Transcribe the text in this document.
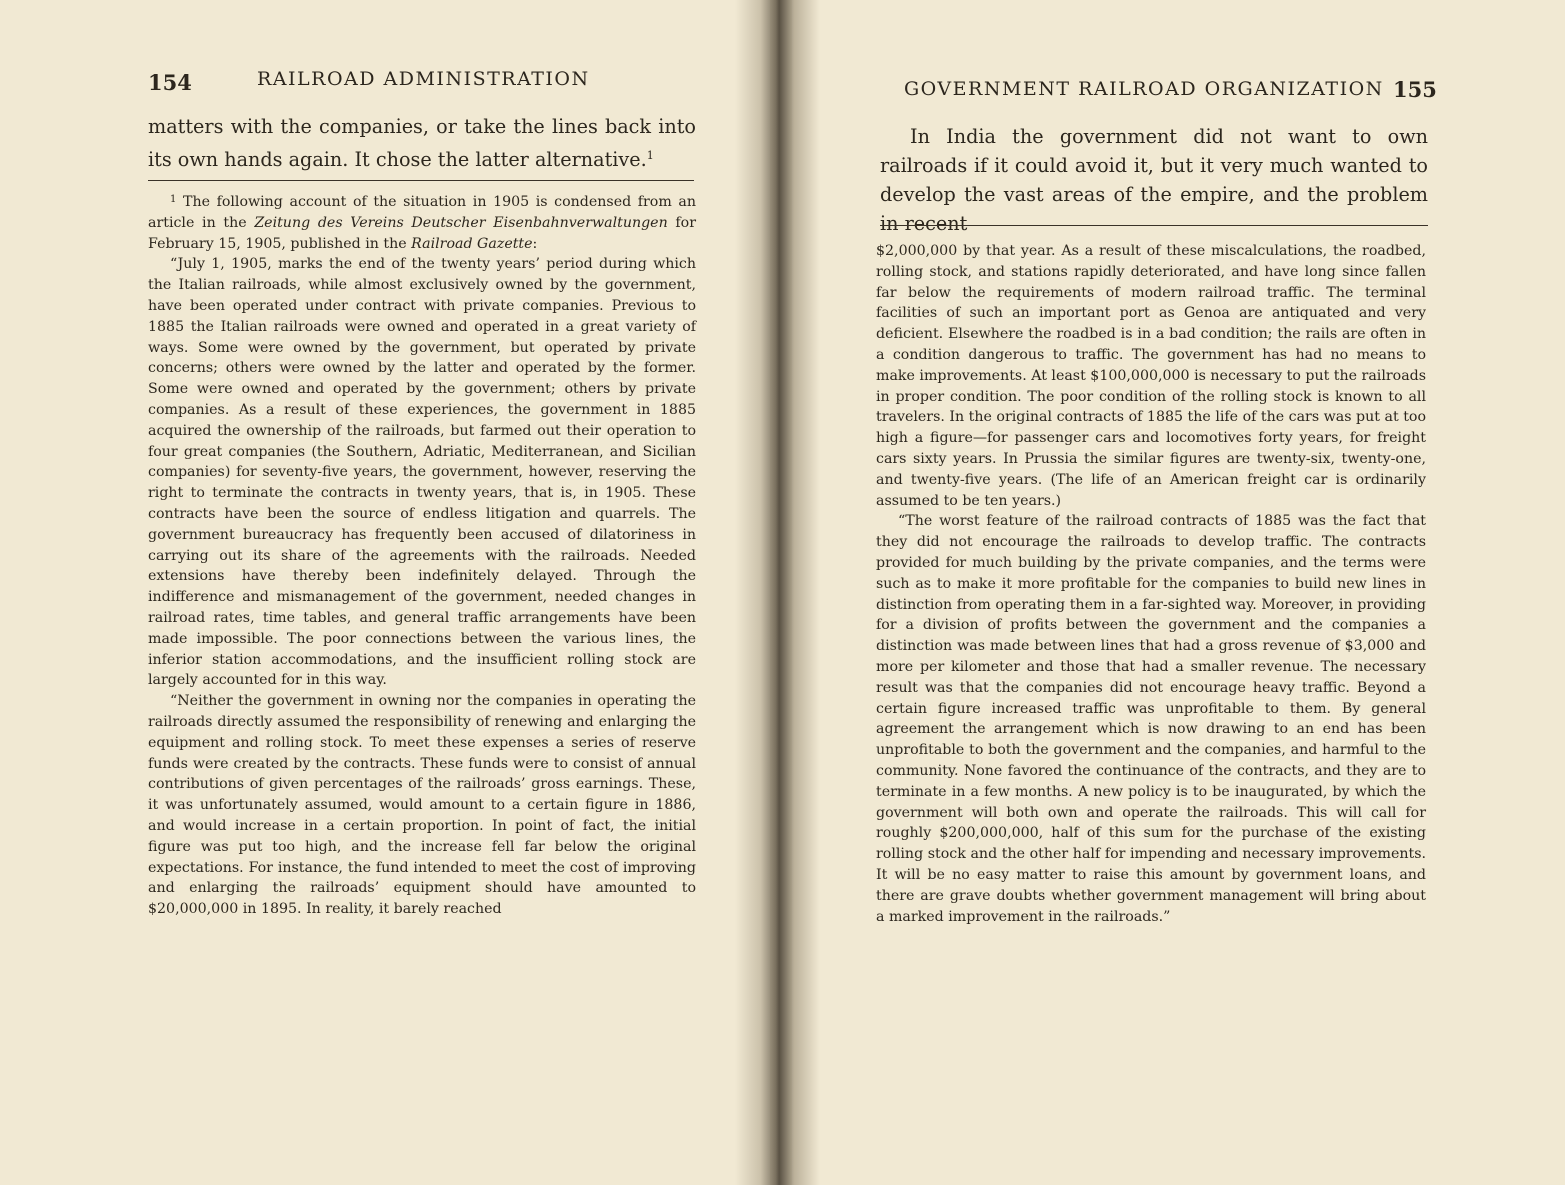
154	RAILROAD ADMINISTRATION

matters with the companies, or take the lines back into its own hands again. It chose the latter alternative.$^1$

$^1$ The following account of the situation in 1905 is condensed from an article in the Zeitung des Vereins Deutscher Eisenbahnverwaltungen for February 15, 1905, published in the Railroad Gazette:

“July 1, 1905, marks the end of the twenty years’ period during which the Italian railroads, while almost exclusively owned by the government, have been operated under contract with private companies. Previous to 1885 the Italian railroads were owned and operated in a great variety of ways. Some were owned by the government, but operated by private concerns; others were owned by the latter and operated by the former. Some were owned and operated by the government; others by private companies. As a result of these experiences, the government in 1885 acquired the ownership of the railroads, but farmed out their operation to four great companies (the Southern, Adriatic, Mediterranean, and Sicilian companies) for seventy-five years, the government, however, reserving the right to terminate the contracts in twenty years, that is, in 1905. These contracts have been the source of endless litigation and quarrels. The government bureaucracy has frequently been accused of dilatoriness in carrying out its share of the agreements with the railroads. Needed extensions have thereby been indefinitely delayed. Through the indifference and mismanagement of the government, needed changes in railroad rates, time tables, and general traffic arrangements have been made impossible. The poor connections between the various lines, the inferior station accommodations, and the insufficient rolling stock are largely accounted for in this way.

“Neither the government in owning nor the companies in operating the railroads directly assumed the responsibility of renewing and enlarging the equipment and rolling stock. To meet these expenses a series of reserve funds were created by the contracts. These funds were to consist of annual contributions of given percentages of the railroads’ gross earnings. These, it was unfortunately assumed, would amount to a certain figure in 1886, and would increase in a certain proportion. In point of fact, the initial figure was put too high, and the increase fell far below the original expectations. For instance, the fund intended to meet the cost of improving and enlarging the railroads’ equipment should have amounted to $20,000,000 in 1895. In reality, it barely reached

GOVERNMENT RAILROAD ORGANIZATION 155

In India the government did not want to own railroads if it could avoid it, but it very much wanted to develop the vast areas of the empire, and the problem in recent

$2,000,000 by that year. As a result of these miscalculations, the roadbed, rolling stock, and stations rapidly deteriorated, and have long since fallen far below the requirements of modern railroad traffic. The terminal facilities of such an important port as Genoa are antiquated and very deficient. Elsewhere the roadbed is in a bad condition; the rails are often in a condition dangerous to traffic. The government has had no means to make improvements. At least $100,000,000 is necessary to put the railroads in proper condition. The poor condition of the rolling stock is known to all travelers. In the original contracts of 1885 the life of the cars was put at too high a figure—for passenger cars and locomotives forty years, for freight cars sixty years. In Prussia the similar figures are twenty-six, twenty-one, and twenty-five years. (The life of an American freight car is ordinarily assumed to be ten years.)

“The worst feature of the railroad contracts of 1885 was the fact that they did not encourage the railroads to develop traffic. The contracts provided for much building by the private companies, and the terms were such as to make it more profitable for the companies to build new lines in distinction from operating them in a far-sighted way. Moreover, in providing for a division of profits between the government and the companies a distinction was made between lines that had a gross revenue of $3,000 and more per kilometer and those that had a smaller revenue. The necessary result was that the companies did not encourage heavy traffic. Beyond a certain figure increased traffic was unprofitable to them. By general agreement the arrangement which is now drawing to an end has been unprofitable to both the government and the companies, and harmful to the community. None favored the continuance of the contracts, and they are to terminate in a few months. A new policy is to be inaugurated, by which the government will both own and operate the railroads. This will call for roughly $200,000,000, half of this sum for the purchase of the existing rolling stock and the other half for impending and necessary improvements. It will be no easy matter to raise this amount by government loans, and there are grave doubts whether government management will bring about a marked improvement in the railroads.”
